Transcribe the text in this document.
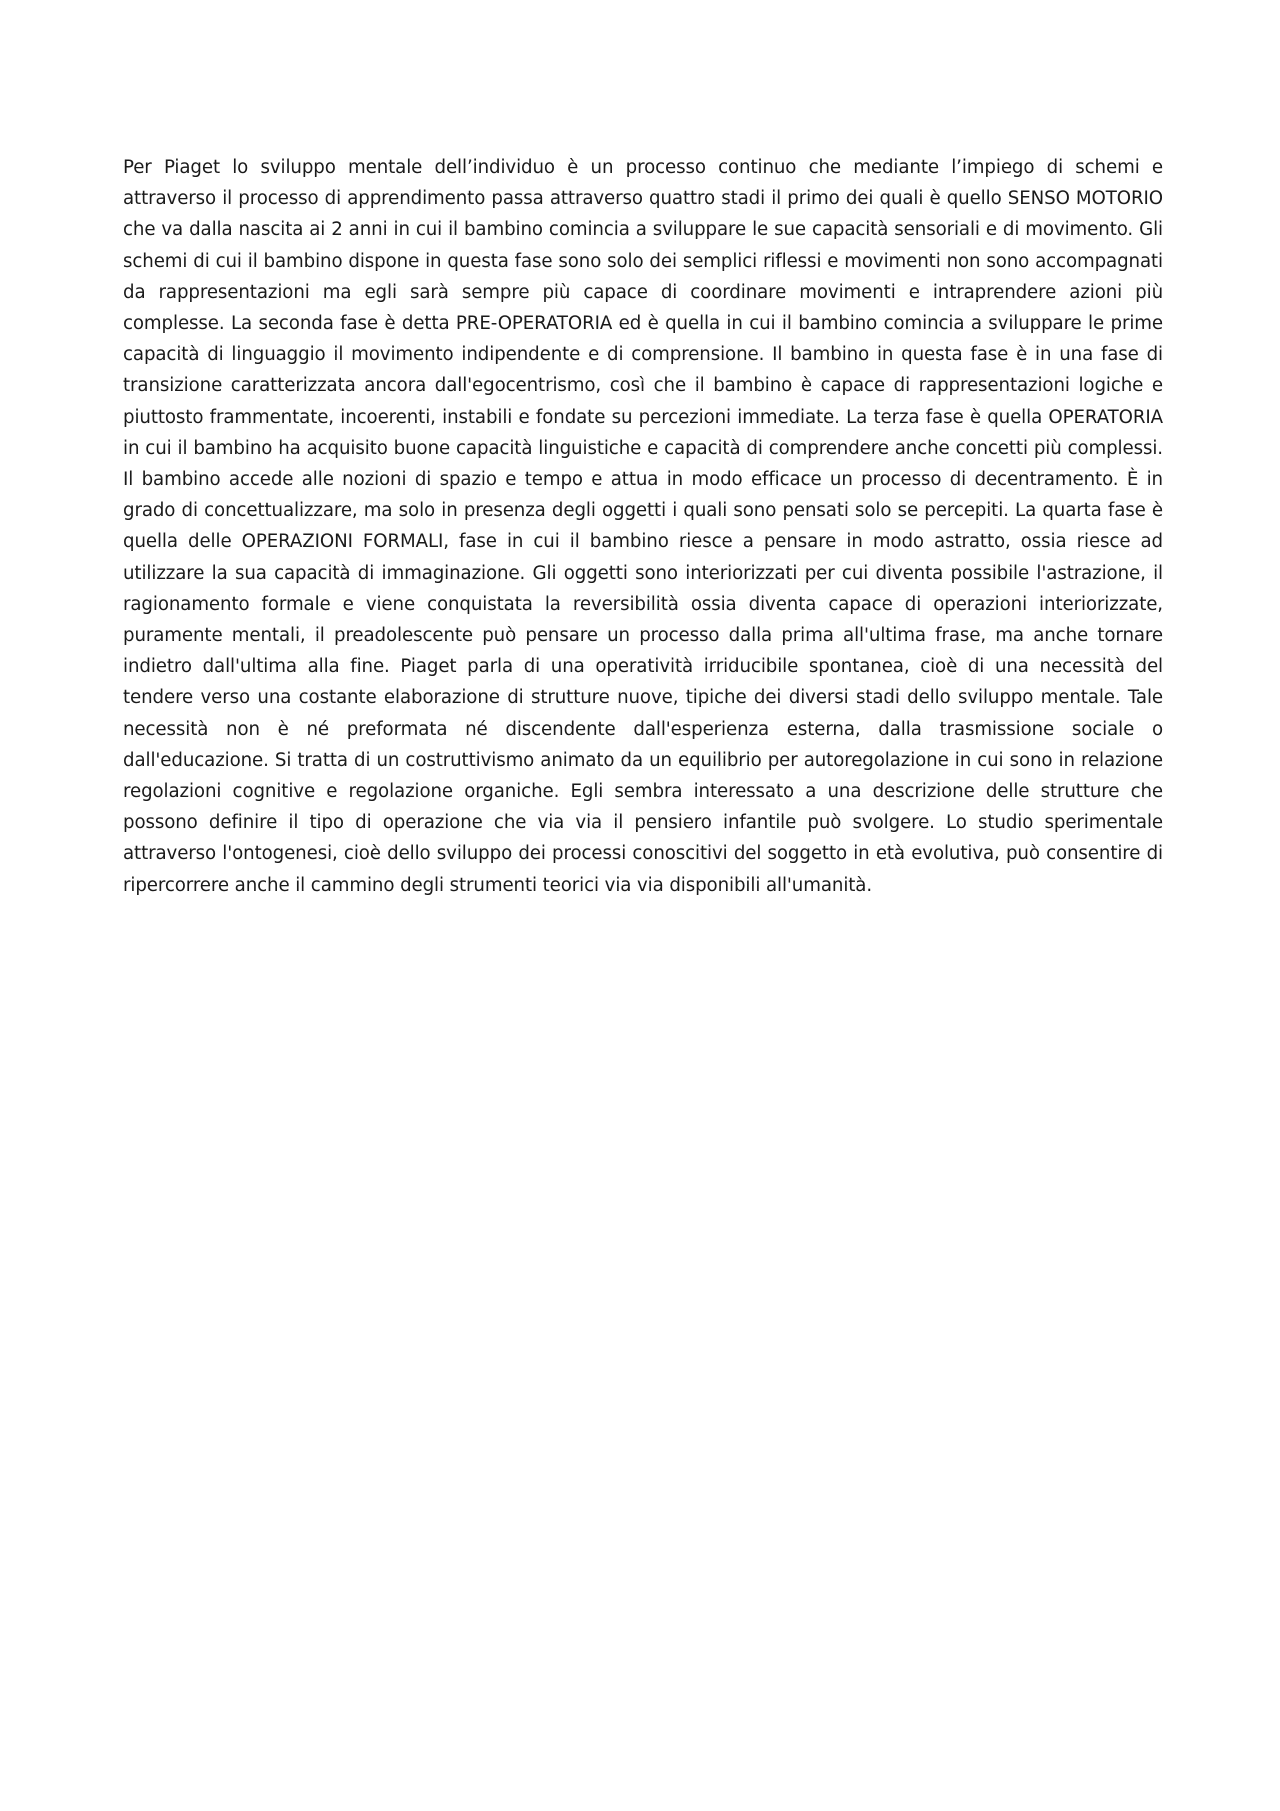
Per Piaget lo sviluppo mentale dell’individuo è un processo continuo che mediante l’impiego di schemi e attraverso il processo di apprendimento passa attraverso quattro stadi il primo dei quali è quello SENSO MOTORIO che va dalla nascita ai 2 anni in cui il bambino comincia a sviluppare le sue capacità sensoriali e di movimento. Gli schemi di cui il bambino dispone in questa fase sono solo dei semplici riflessi e movimenti non sono accompagnati da rappresentazioni ma egli sarà sempre più capace di coordinare movimenti e intraprendere azioni più complesse. La seconda fase è detta PRE-OPERATORIA ed è quella in cui il bambino comincia a sviluppare le prime capacità di linguaggio il movimento indipendente e di comprensione. Il bambino in questa fase è in una fase di transizione caratterizzata ancora dall'egocentrismo, così che il bambino è capace di rappresentazioni logiche e piuttosto frammentate, incoerenti, instabili e fondate su percezioni immediate. La terza fase è quella OPERATORIA in cui il bambino ha acquisito buone capacità linguistiche e capacità di comprendere anche concetti più complessi. Il bambino accede alle nozioni di spazio e tempo e attua in modo efficace un processo di decentramento. È in grado di concettualizzare, ma solo in presenza degli oggetti i quali sono pensati solo se percepiti. La quarta fase è quella delle OPERAZIONI FORMALI, fase in cui il bambino riesce a pensare in modo astratto, ossia riesce ad utilizzare la sua capacità di immaginazione. Gli oggetti sono interiorizzati per cui diventa possibile l'astrazione, il ragionamento formale e viene conquistata la reversibilità ossia diventa capace di operazioni interiorizzate, puramente mentali, il preadolescente può pensare un processo dalla prima all'ultima frase, ma anche tornare indietro dall'ultima alla fine. Piaget parla di una operatività irriducibile spontanea, cioè di una necessità del tendere verso una costante elaborazione di strutture nuove, tipiche dei diversi stadi dello sviluppo mentale. Tale necessità non è né preformata né discendente dall'esperienza esterna, dalla trasmissione sociale o dall'educazione. Si tratta di un costruttivismo animato da un equilibrio per autoregolazione in cui sono in relazione regolazioni cognitive e regolazione organiche. Egli sembra interessato a una descrizione delle strutture che possono definire il tipo di operazione che via via il pensiero infantile può svolgere. Lo studio sperimentale attraverso l'ontogenesi, cioè dello sviluppo dei processi conoscitivi del soggetto in età evolutiva, può consentire di ripercorrere anche il cammino degli strumenti teorici via via disponibili all'umanità.
